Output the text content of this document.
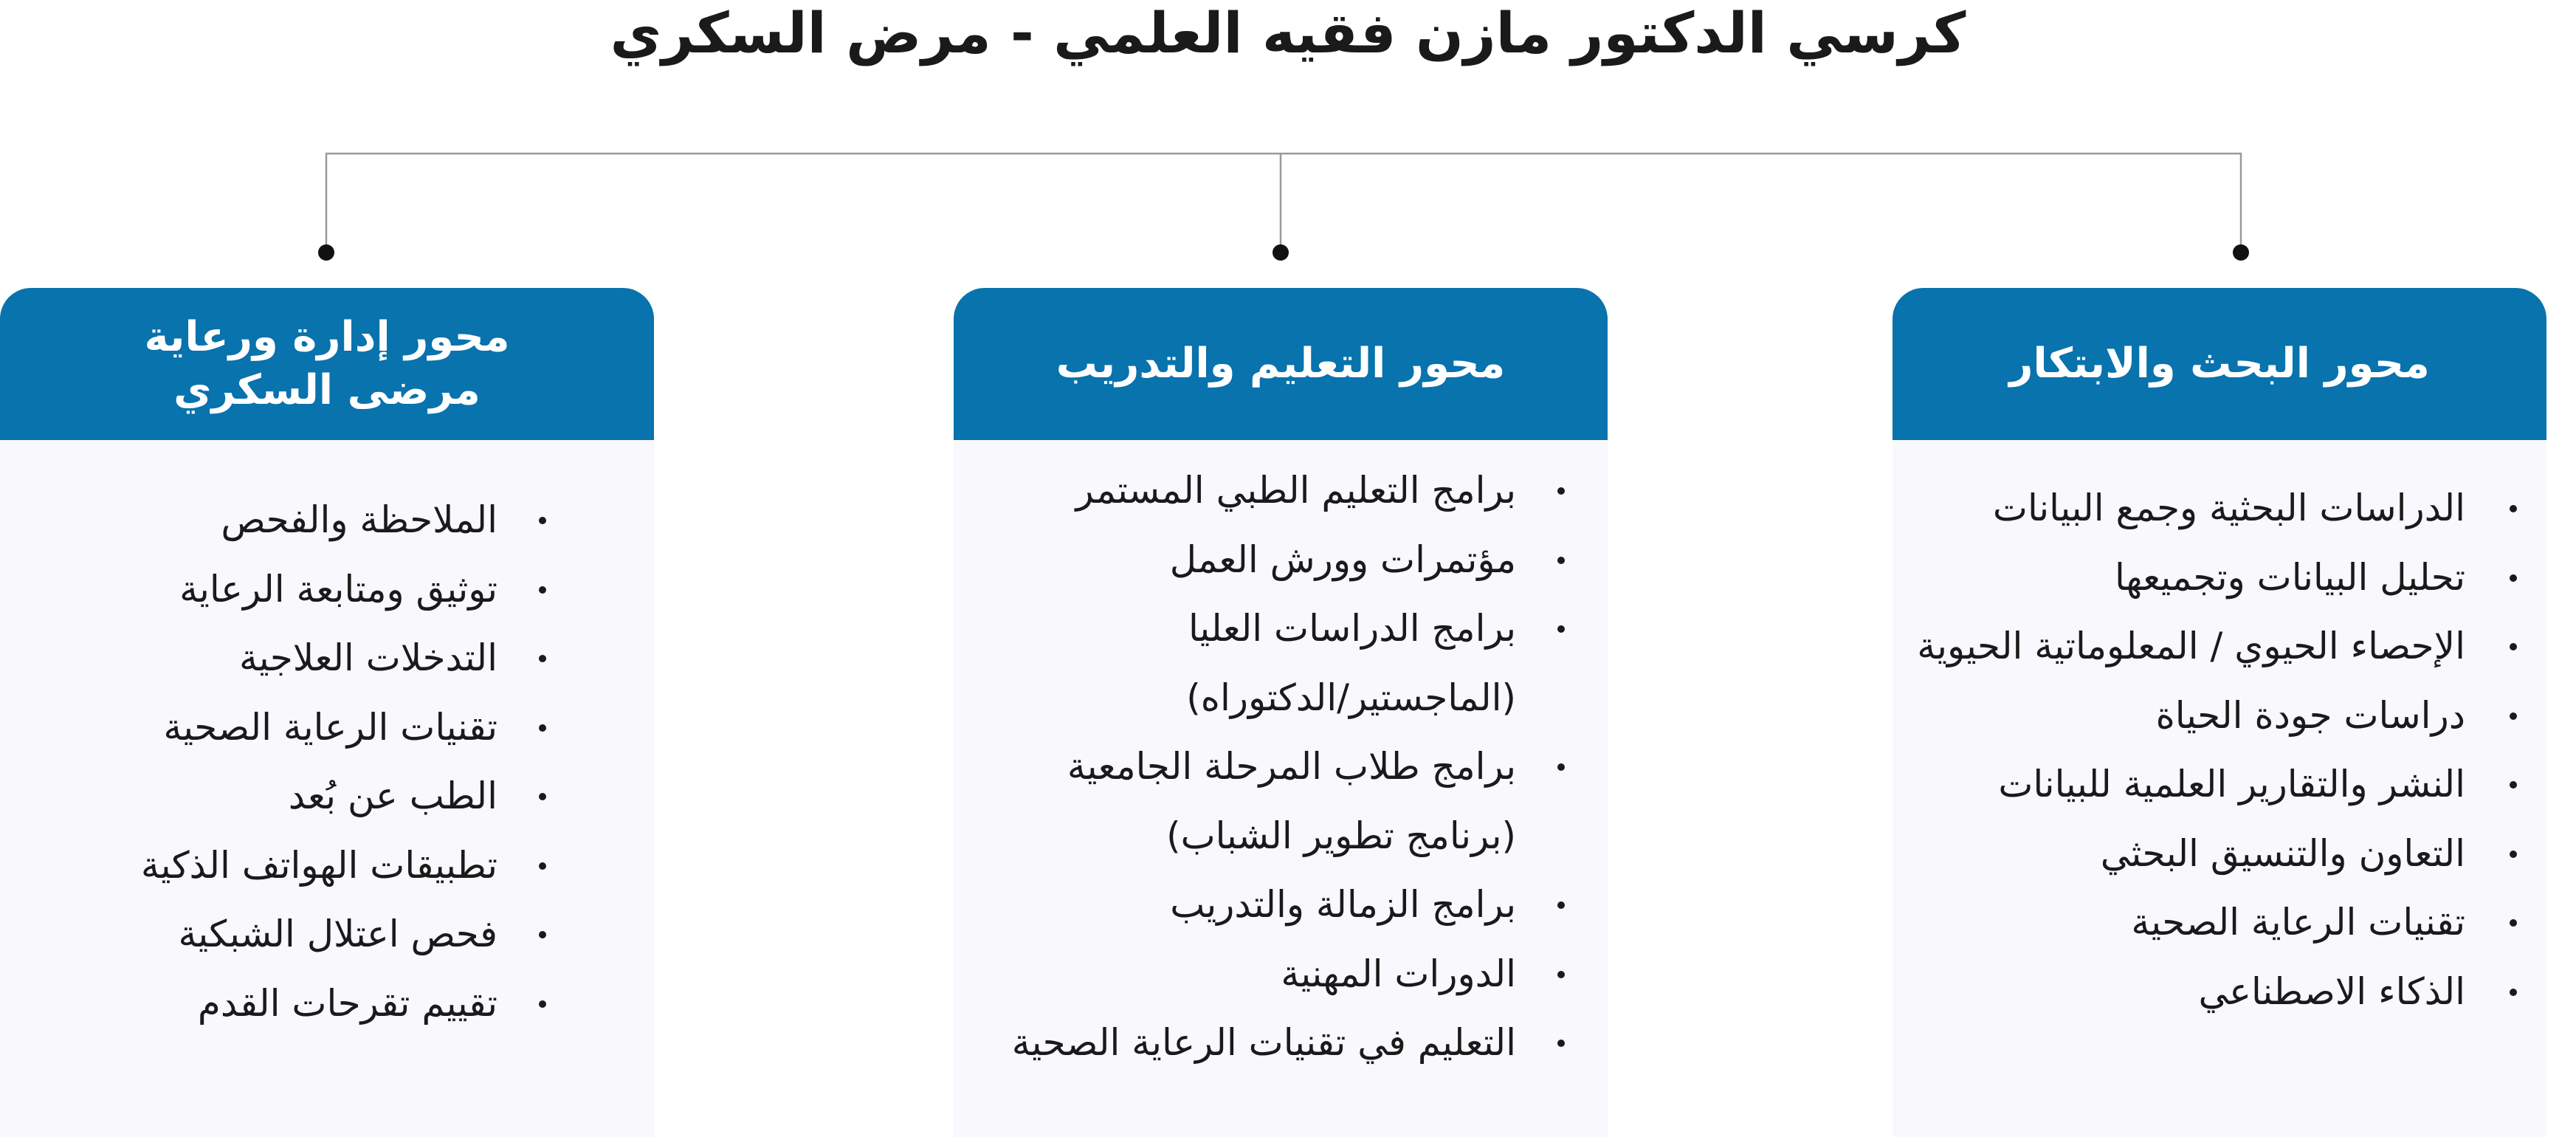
كرسي الدكتور مازن فقيه العلمي - مرض السكري
محور البحث والابتكار
الدراسات البحثية وجمع البيانات
تحليل البيانات وتجميعها
الإحصاء الحيوي / المعلوماتية الحيوية
دراسات جودة الحياة
النشر والتقارير العلمية للبيانات
التعاون والتنسيق البحثي
تقنيات الرعاية الصحية
الذكاء الاصطناعي
محور التعليم والتدريب
برامج التعليم الطبي المستمر
مؤتمرات وورش العمل
برامج الدراسات العليا
(الماجستير/الدكتوراه)
برامج طلاب المرحلة الجامعية
(برنامج تطوير الشباب)
برامج الزمالة والتدريب
الدورات المهنية
التعليم في تقنيات الرعاية الصحية
محور إدارة ورعاية
مرضى السكري
الملاحظة والفحص
توثيق ومتابعة الرعاية
التدخلات العلاجية
تقنيات الرعاية الصحية
الطب عن بُعد
تطبيقات الهواتف الذكية
فحص اعتلال الشبكية
تقييم تقرحات القدم
